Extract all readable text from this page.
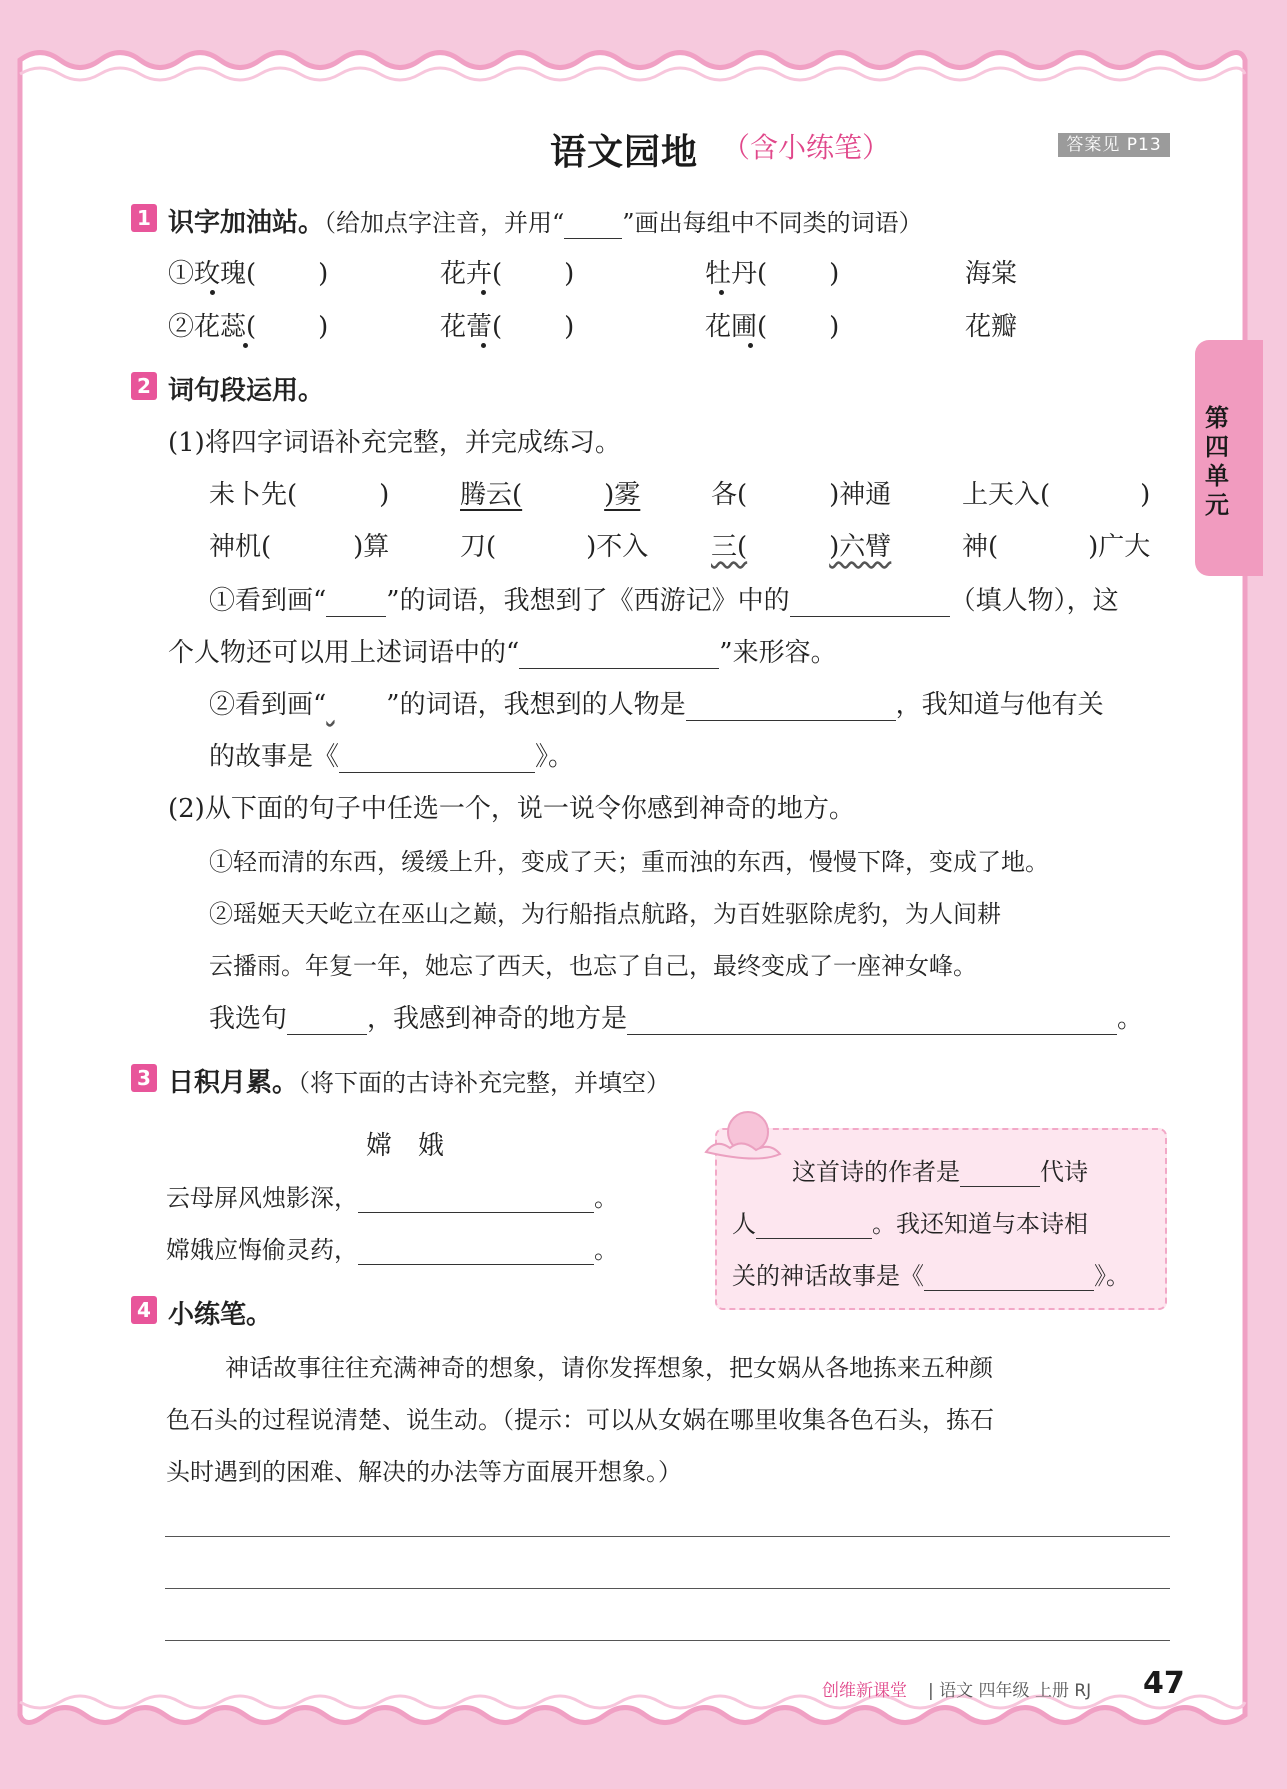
语文园地 （含小练笔）	答案见 P13
第四单元
1 识字加油站。（给加点字注音，并用“ ”画出每组中不同类的词语）
①玫瑰( )	花卉( )	牡丹( )	海棠
②花蕊( )	花蕾( )	花圃( )	花瓣
2 词句段运用。
(1)将四字词语补充完整，并完成练习。
未卜先(	)	腾云(	)雾	各(	)神通	上天入(	)
神机(	)算	刀(	)不入 三(	)六臂	神(	)广大
①看到画“ ”的词语，我想到了《西游记》中的	（填人物），这
个人物还可以用上述词语中的“	”来形容。
②看到画“ ”的词语，我想到的人物是	，我知道与他有关
的故事是《	》。
(2)从下面的句子中任选一个，说一说令你感到神奇的地方。
①轻而清的东西，缓缓上升，变成了天；重而浊的东西，慢慢下降，变成了地。
②瑶姬天天屹立在巫山之巅，为行船指点航路，为百姓驱除虎豹，为人间耕
云播雨。年复一年，她忘了西天，也忘了自己，最终变成了一座神女峰。
我选句	，我感到神奇的地方是	。
3 日积月累。（将下面的古诗补充完整，并填空）
嫦　娥
云母屏风烛影深，	。
嫦娥应悔偷灵药，	。
这首诗的作者是	代诗
人	。我还知道与本诗相
关的神话故事是《	》。
4 小练笔。
神话故事往往充满神奇的想象，请你发挥想象，把女娲从各地拣来五种颜
色石头的过程说清楚、说生动。（提示：可以从女娲在哪里收集各色石头，拣石
头时遇到的困难、解决的办法等方面展开想象。）
创维新课堂 | 语文 四年级 上册 RJ 47
